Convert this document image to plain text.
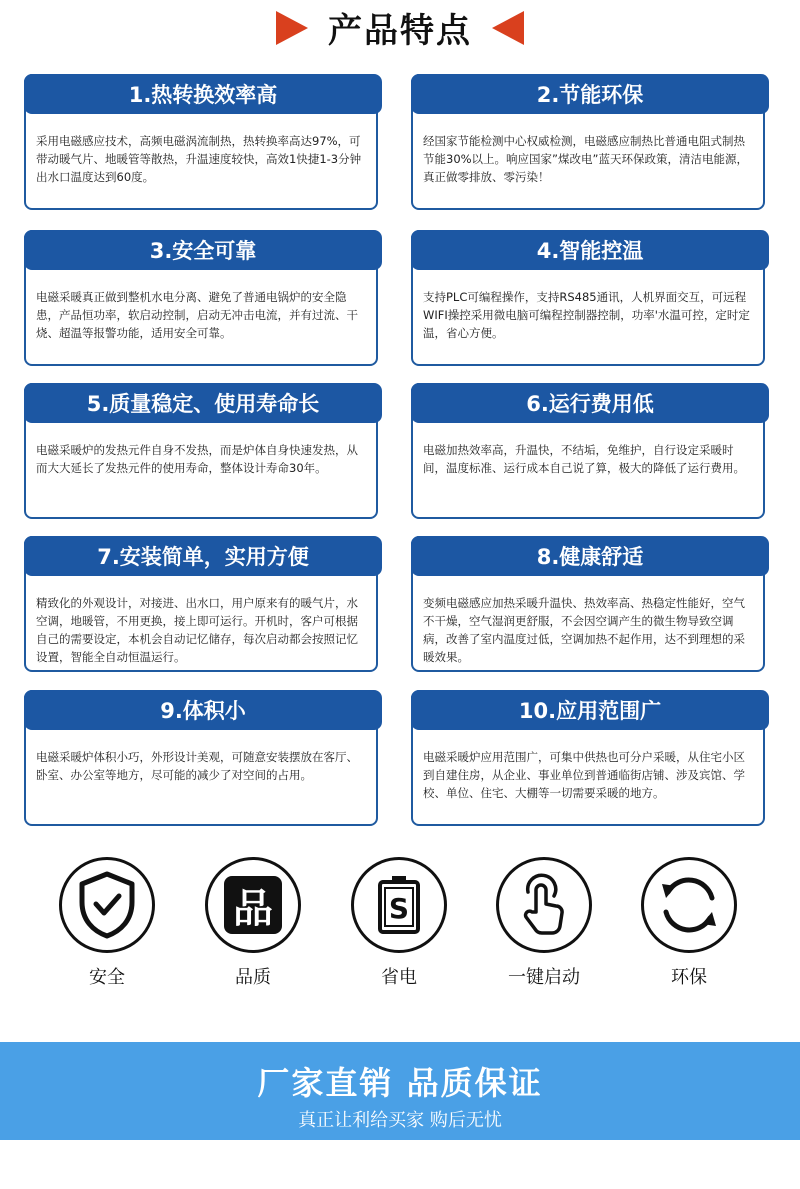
产品特点
1.热转换效率高
采用电磁感应技术，高频电磁涡流制热，热转换率高达97%，可带动暖气片、地暖管等散热，升温速度较快，高效1快捷1-3分钟出水口温度达到60度。
2.节能环保
经国家节能检测中心权威检测，电磁感应制热比普通电阻式制热节能30%以上。响应国家”煤改电”蓝天环保政策，清洁电能源，真正做零排放、零污染！
3.安全可靠
电磁采暖真正做到整机水电分离、避免了普通电锅炉的安全隐患，产品恒功率，软启动控制，启动无冲击电流，并有过流、干烧、超温等报警功能，适用安全可靠。
4.智能控温
支持PLC可编程操作，支持RS485通讯，人机界面交互，可远程WIFI操控采用微电脑可编程控制器控制，功率'水温可控，定时定温，省心方便。
5.质量稳定、使用寿命长
电磁采暖炉的发热元件自身不发热，而是炉体自身快速发热，从而大大延长了发热元件的使用寿命，整体设计寿命30年。
6.运行费用低
电磁加热效率高，升温快，不结垢，免维护，自行设定采暖时间，温度标准、运行成本自己说了算，极大的降低了运行费用。
7.安装简单，实用方便
精致化的外观设计，对接进、出水口，用户原来有的暖气片，水空调，地暖管，不用更换，接上即可运行。开机时，客户可根据自己的需要设定，本机会自动记忆储存，每次启动都会按照记忆设置，智能全自动恒温运行。
8.健康舒适
变频电磁感应加热采暖升温快、热效率高、热稳定性能好，空气不干燥，空气湿润更舒服，不会因空调产生的微生物导致空调病，改善了室内温度过低，空调加热不起作用，达不到理想的采暖效果。
9.体积小
电磁采暖炉体积小巧，外形设计美观，可随意安装摆放在客厅、卧室、办公室等地方，尽可能的减少了对空间的占用。
10.应用范围广
电磁采暖炉应用范围广，可集中供热也可分户采暖，从住宅小区到自建住房，从企业、事业单位到普通临街店铺、涉及宾馆、学校、单位、住宅、大棚等一切需要采暖的地方。
安全
品
品质
S
省电	一键启动	环保
厂家直销 品质保证
真正让利给买家 购后无忧
